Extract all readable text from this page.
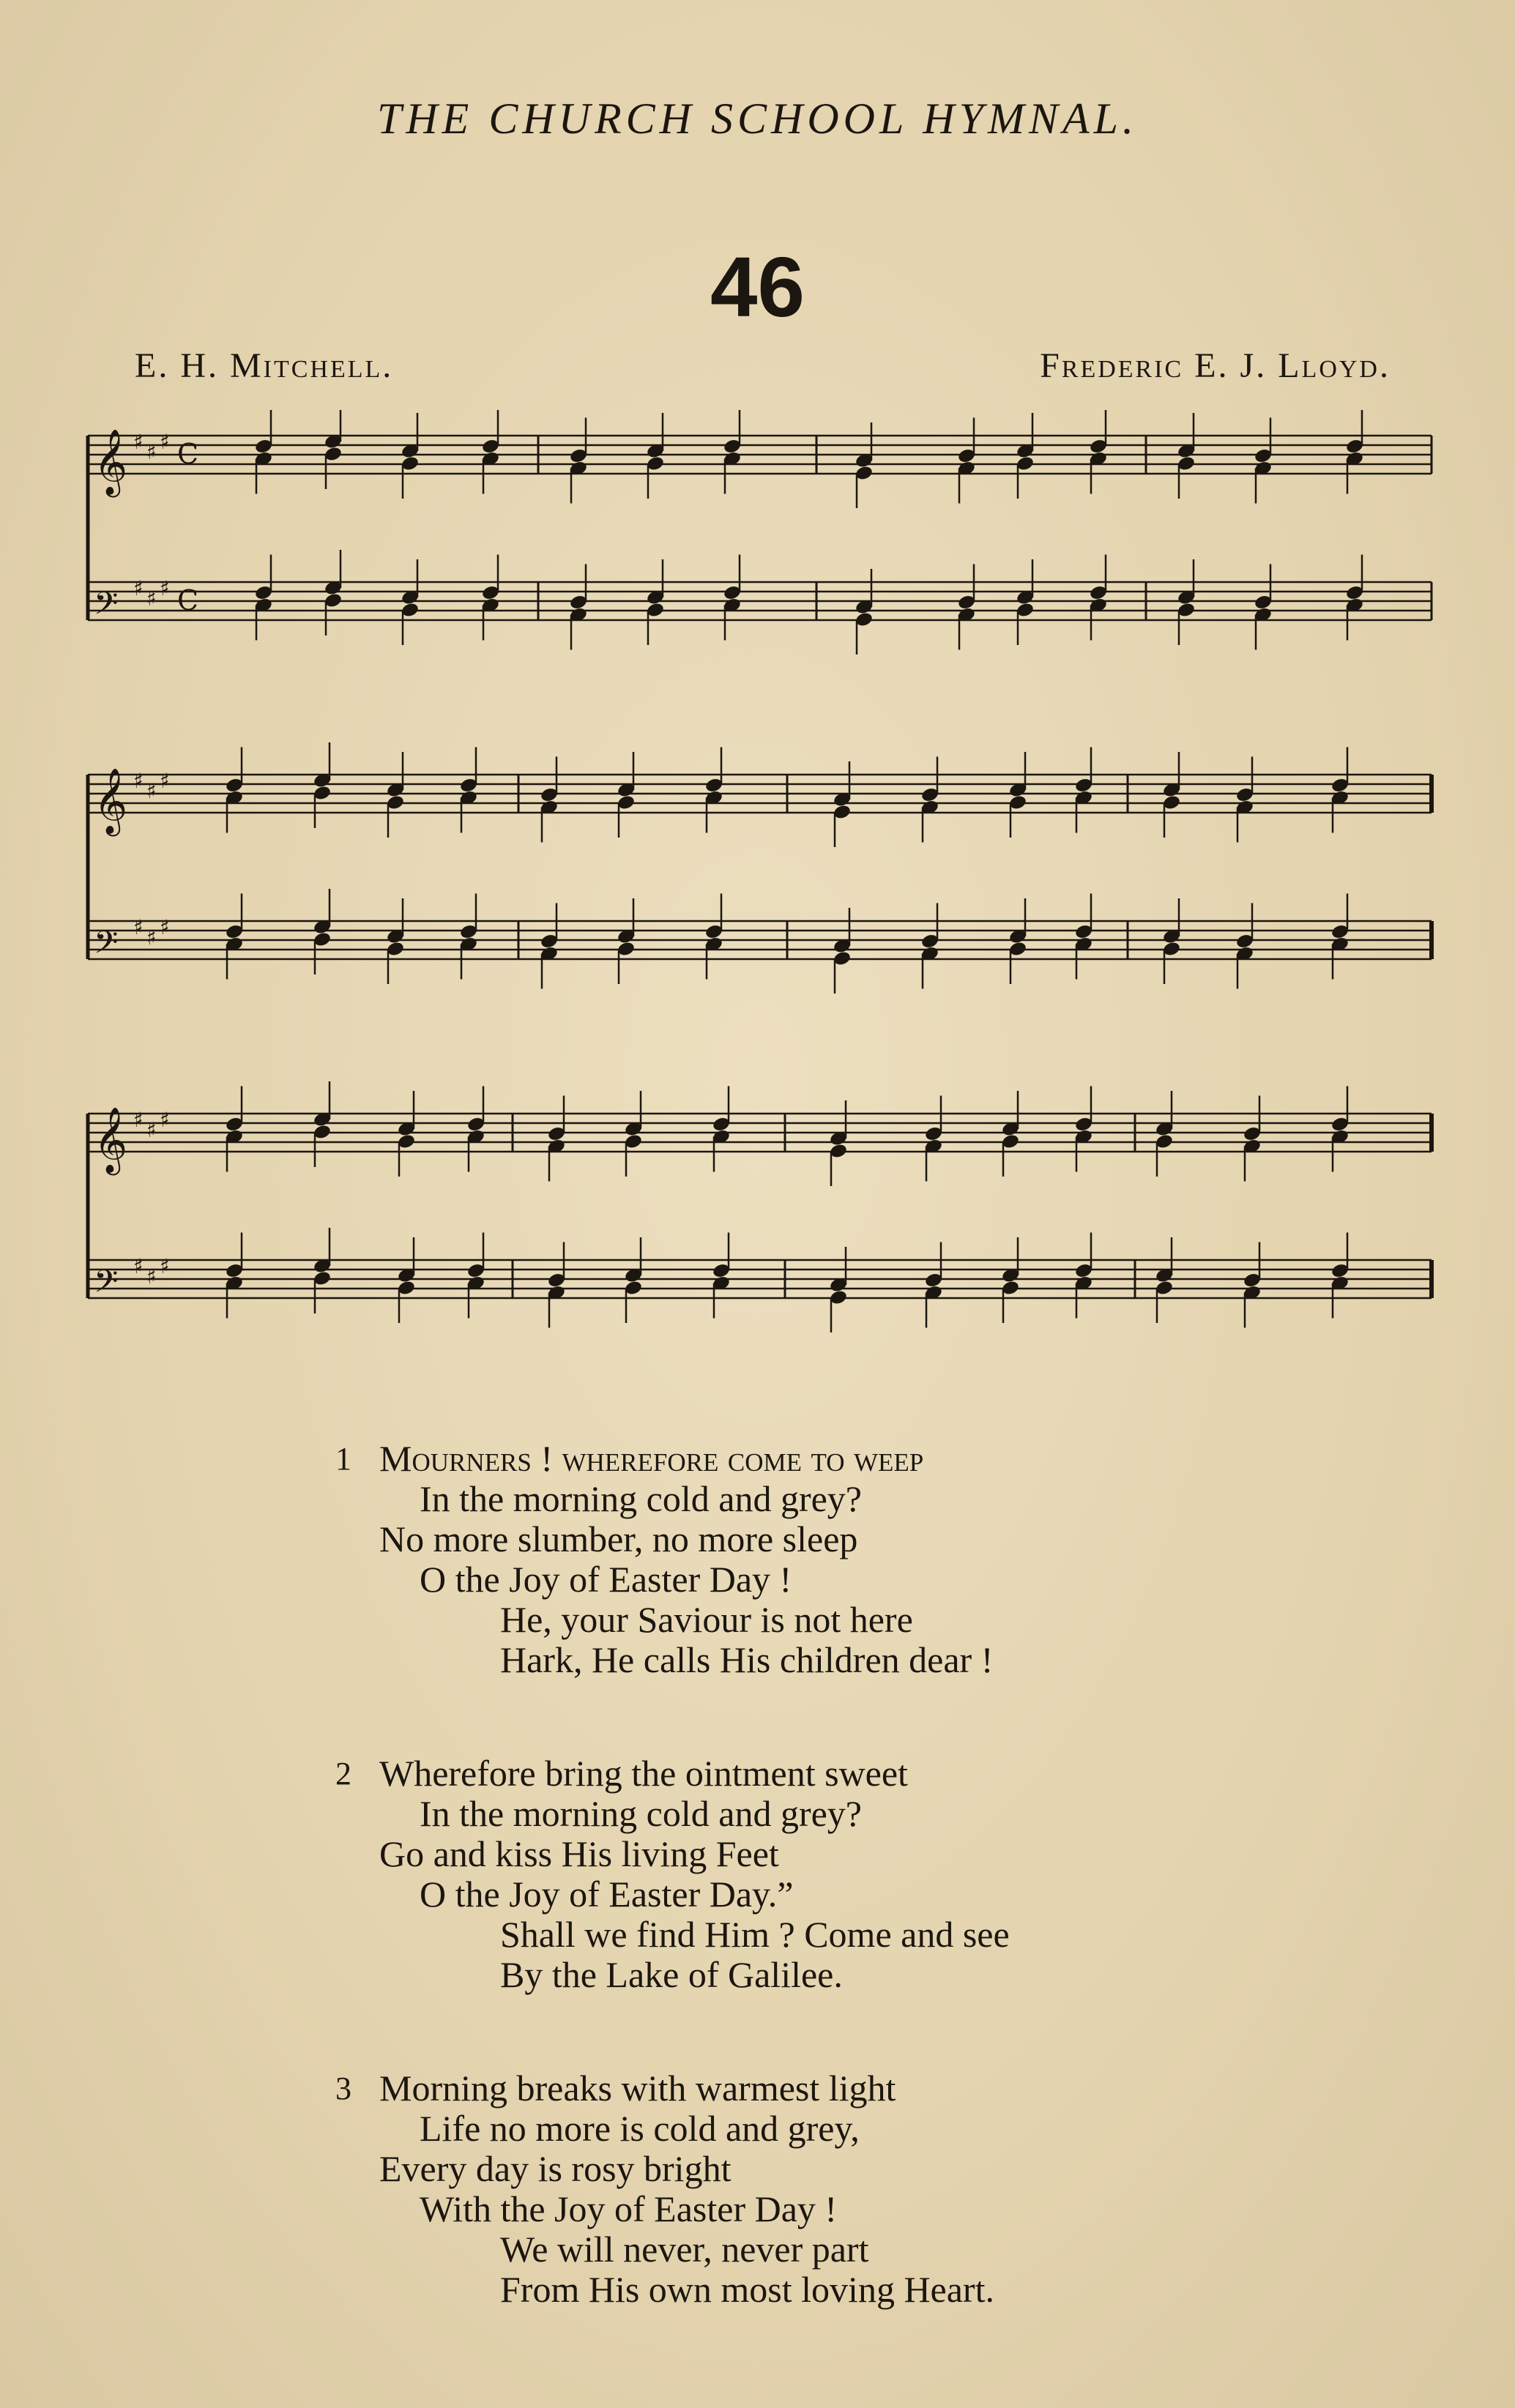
THE CHURCH SCHOOL HYMNAL.
46
E. H. Mitchell.	Frederic E. J. Lloyd.
𝄞 ♯ ♯ ♯ C
𝄢 ♯ ♯ ♯ C
𝄞 ♯ ♯ ♯
𝄢 ♯ ♯ ♯
𝄞 ♯ ♯ ♯
𝄢 ♯ ♯ ♯
1 Mourners ! wherefore come to weep
In the morning cold and grey?
No more slumber, no more sleep
O the Joy of Easter Day !
He, your Saviour is not here
Hark, He calls His children dear !
2 Wherefore bring the ointment sweet
In the morning cold and grey?
Go and kiss His living Feet
O the Joy of Easter Day.”
Shall we find Him ? Come and see
By the Lake of Galilee.
3 Morning breaks with warmest light
Life no more is cold and grey,
Every day is rosy bright
With the Joy of Easter Day !
We will never, never part
From His own most loving Heart.
